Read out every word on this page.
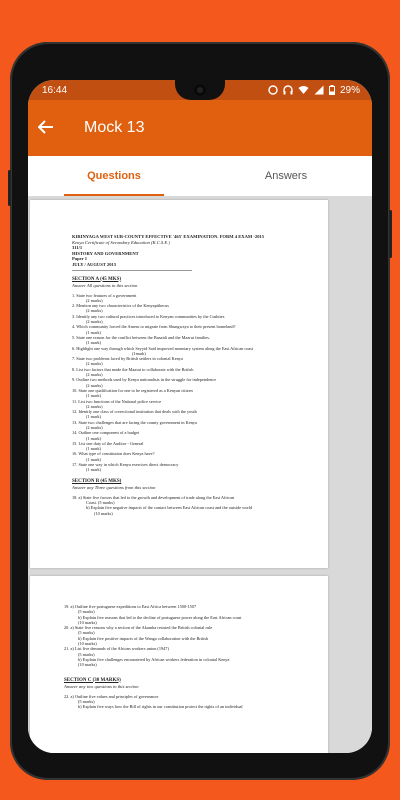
16:44	29%
Mock 13
Questions	Answers
KIRINYAGA WEST SUB-COUNTY EFFECTIVE '465' EXAMINATION. FORM 4 EXAM -2015
Kenya Certificate of Secondary Education (K.C.S.E.)
311/1
HISTORY AND GOVERNMENT
Paper 1
JULY / AUGUST 2015
SECTION A (45 MKS)
Answer All questions in this section
1. State two features of a government
(2 marks)
2. Mention any two characteristics of the Kenyapithecus
(2 marks)
3. Identify any two cultural practices introduced to Kenyan communities by the Cushites
(2 marks)
4. Which community forced the Ameru to migrate from Shungwaya to their present homeland?
(1 mark)
5. State one reason for the conflict between the Busaidi and the Mazrui families.
(1 mark)
6. Highlight one way through which Seyyid Said improved monetary system along the East African coast
(1mark)
7. State two problems faced by British settlers in colonial Kenya
(2 marks)
8. List two factors that made the Maasai to collaborate with the British
(2 marks)
9. Outline two methods used by Kenya nationalists in the struggle for independence
(2 marks)
10. State one qualification for one to be registered as a Kenyan citizen
(1 mark)
11. List two functions of the National police service
(2 marks)
12. Identify one class of correctional institution that deals with the youth
(1 mark)
13. State two challenges that are facing the county government in Kenya
(2 marks)
14. Outline one component of a budget
(1 mark)
15. List one duty of the Auditor - General
(1 mark)
16. What type of constitution does Kenya have?
(1 mark)
17. State one way in which Kenya exercises direct democracy
(1 mark)
SECTION B (45 MKS)
Answer any Three questions from this section
18. a) State five factors that led to the growth and development of trade along the East African
Coast. (5 marks)
b) Explain five negative impacts of the contact between East African coast and the outside world
(10 marks)
19. a) Outline five portuguese expeditions to East Africa between 1500-1507
(5 marks)
b) Explain five reasons that led to the decline of portuguese power along the East African coast
(10 marks)
20. a) State five reasons why a section of the Akamba resisted the British colonial rule
(5 marks)
b) Explain five positive impacts of the Wanga collaboration with the British
(10 marks)
21. a) List five demands of the African workers union (1947)
(5 marks)
b) Explain five challenges encountered by African workers federation in colonial Kenya
(10 marks)
SECTION C (30 MARKS)
Answer any two questions in this section
22. a) Outline five values and principles of governance
(5 marks)
b) Explain five ways how the Bill of rights in our constitution protect the rights of an individual
